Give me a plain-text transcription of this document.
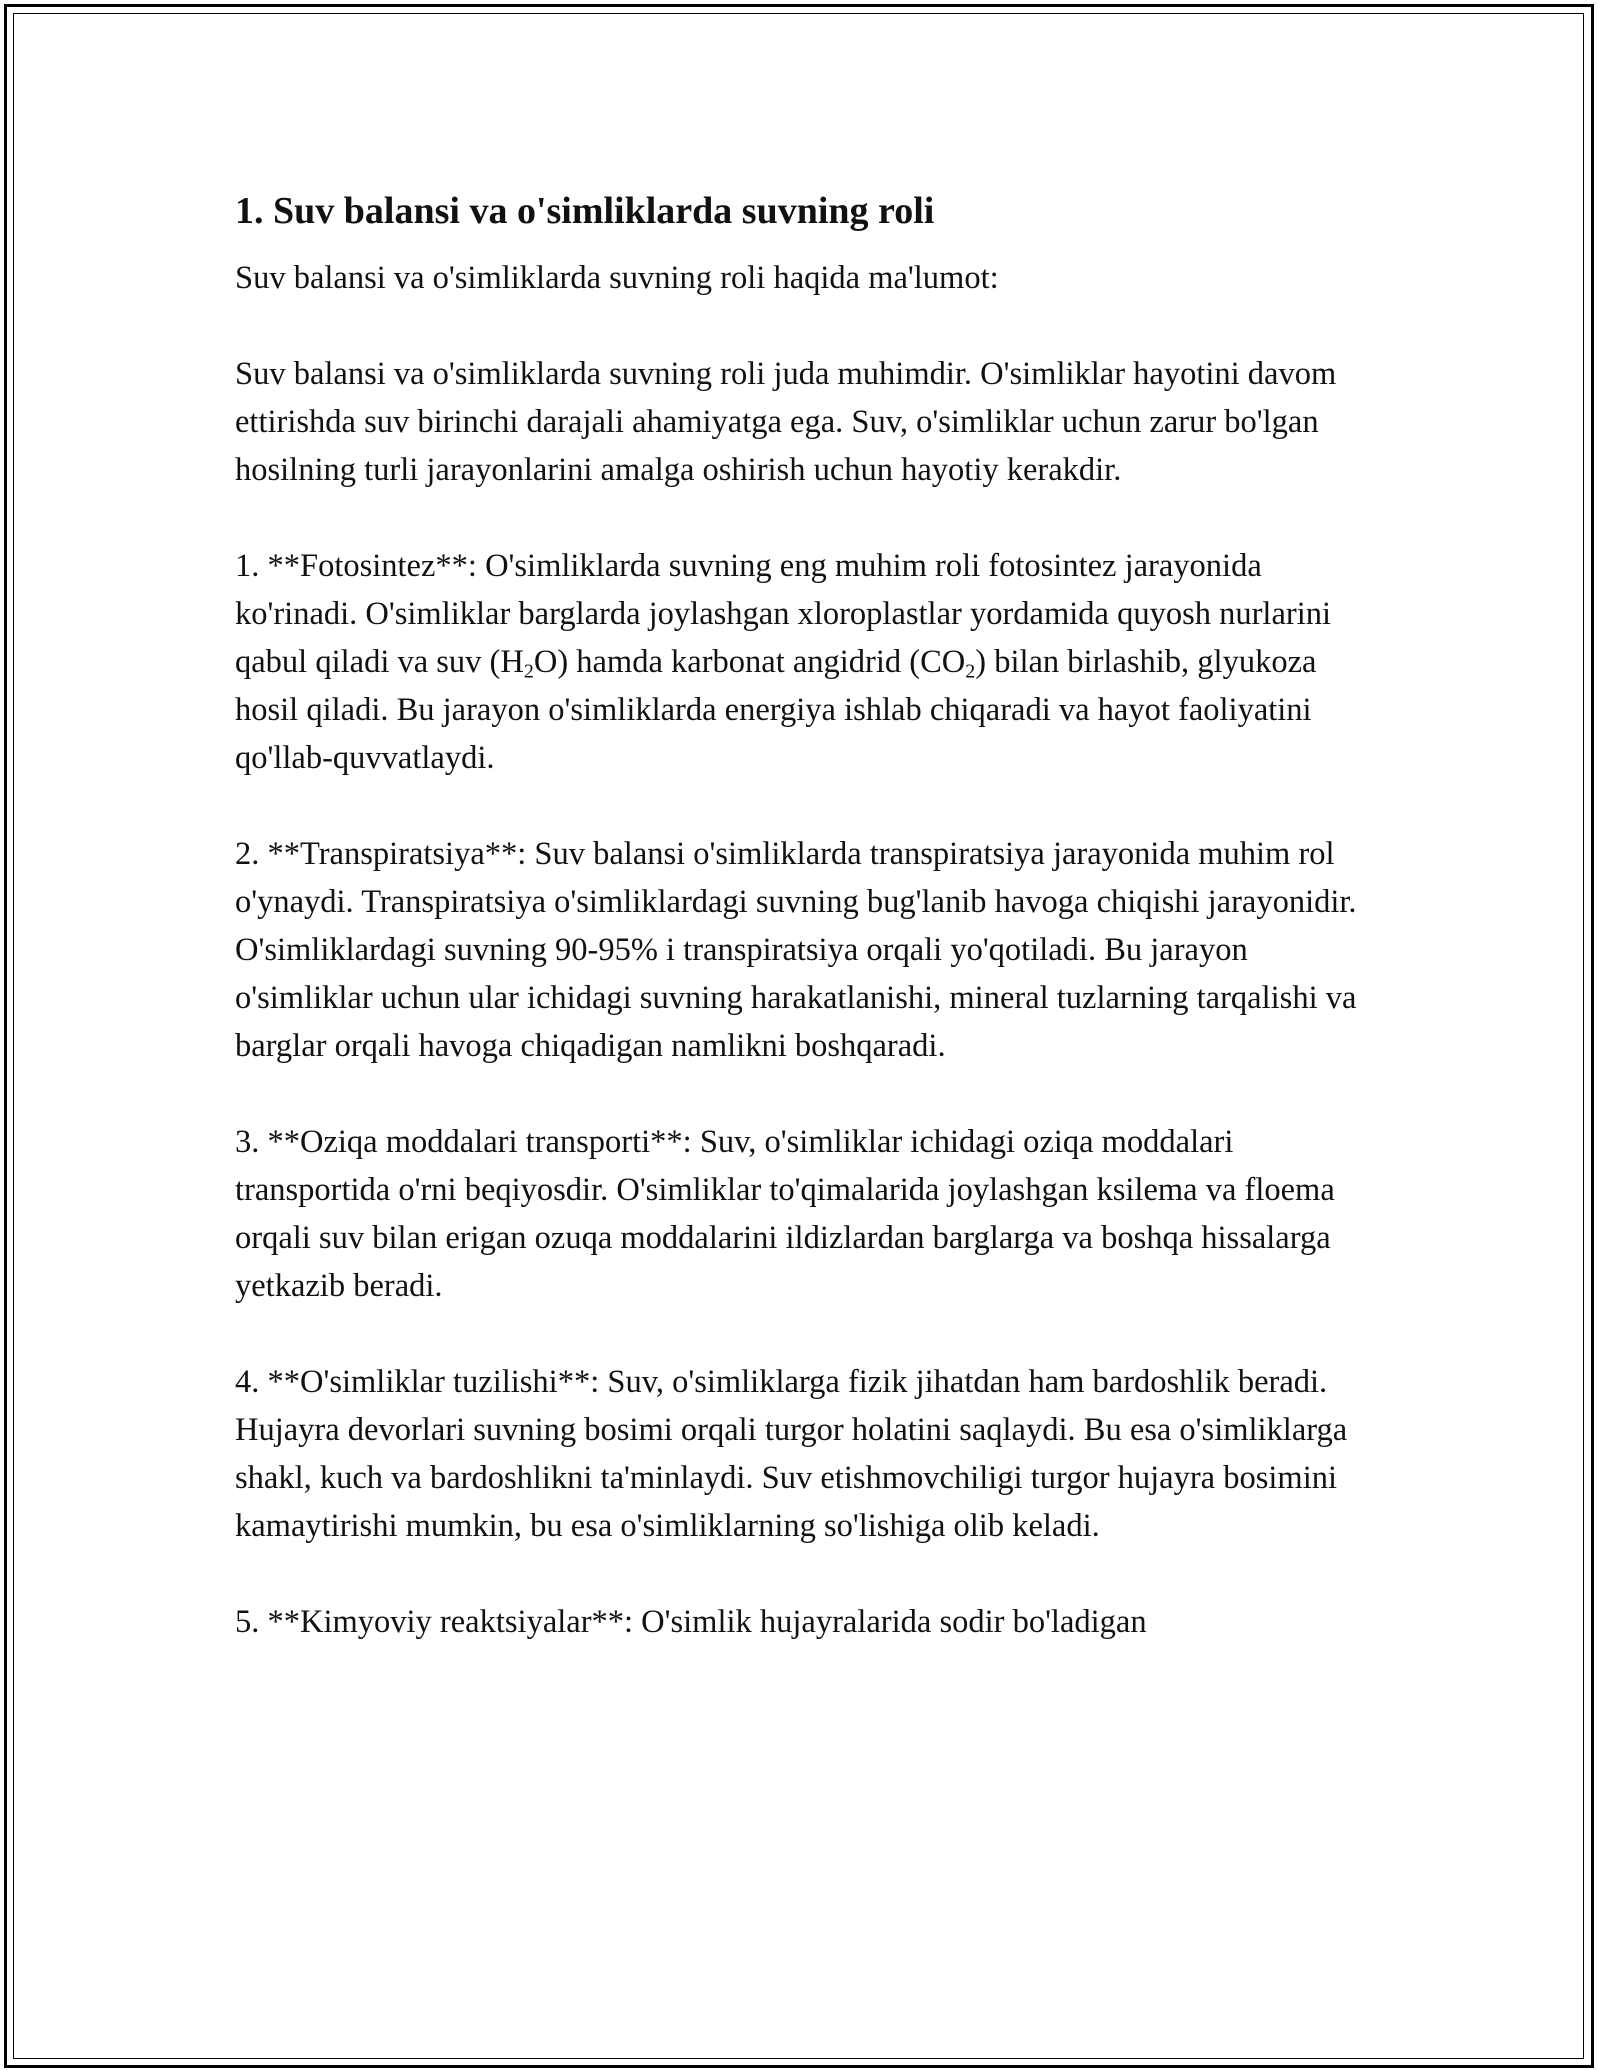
1. Suv balansi va o'simliklarda suvning roli

Suv balansi va o'simliklarda suvning roli haqida ma'lumot:

Suv balansi va o'simliklarda suvning roli juda muhimdir. O'simliklar hayotini davom ettirishda suv birinchi darajali ahamiyatga ega. Suv, o'simliklar uchun zarur bo'lgan hosilning turli jarayonlarini amalga oshirish uchun hayotiy kerakdir.

1. **Fotosintez**: O'simliklarda suvning eng muhim roli fotosintez jarayonida ko'rinadi. O'simliklar barglarda joylashgan xloroplastlar yordamida quyosh nurlarini qabul qiladi va suv $(H_2O)$ hamda karbonat angidrid $(CO_2)$ bilan birlashib, glyukoza hosil qiladi. Bu jarayon o'simliklarda energiya ishlab chiqaradi va hayot faoliyatini qo'llab-quvvatlaydi.

2. **Transpiratsiya**: Suv balansi o'simliklarda transpiratsiya jarayonida muhim rol o'ynaydi. Transpiratsiya o'simliklardagi suvning bug'lanib havoga chiqishi jarayonidir. O'simliklardagi suvning 90-95% i transpiratsiya orqali yo'qotiladi. Bu jarayon o'simliklar uchun ular ichidagi suvning harakatlanishi, mineral tuzlarning tarqalishi va barglar orqali havoga chiqadigan namlikni boshqaradi.

3. **Oziqa moddalari transporti**: Suv, o'simliklar ichidagi oziqa moddalari transportida o'rni beqiyosdir. O'simliklar to'qimalarida joylashgan ksilema va floema orqali suv bilan erigan ozuqa moddalarini ildizlardan barglarga va boshqa hissalarga yetkazib beradi.

4. **O'simliklar tuzilishi**: Suv, o'simliklarga fizik jihatdan ham bardoshlik beradi. Hujayra devorlari suvning bosimi orqali turgor holatini saqlaydi. Bu esa o'simliklarga shakl, kuch va bardoshlikni ta'minlaydi. Suv etishmovchiligi turgor hujayra bosimini kamaytirishi mumkin, bu esa o'simliklarning so'lishiga olib keladi.

5. **Kimyoviy reaktsiyalar**: O'simlik hujayralarida sodir bo'ladigan
